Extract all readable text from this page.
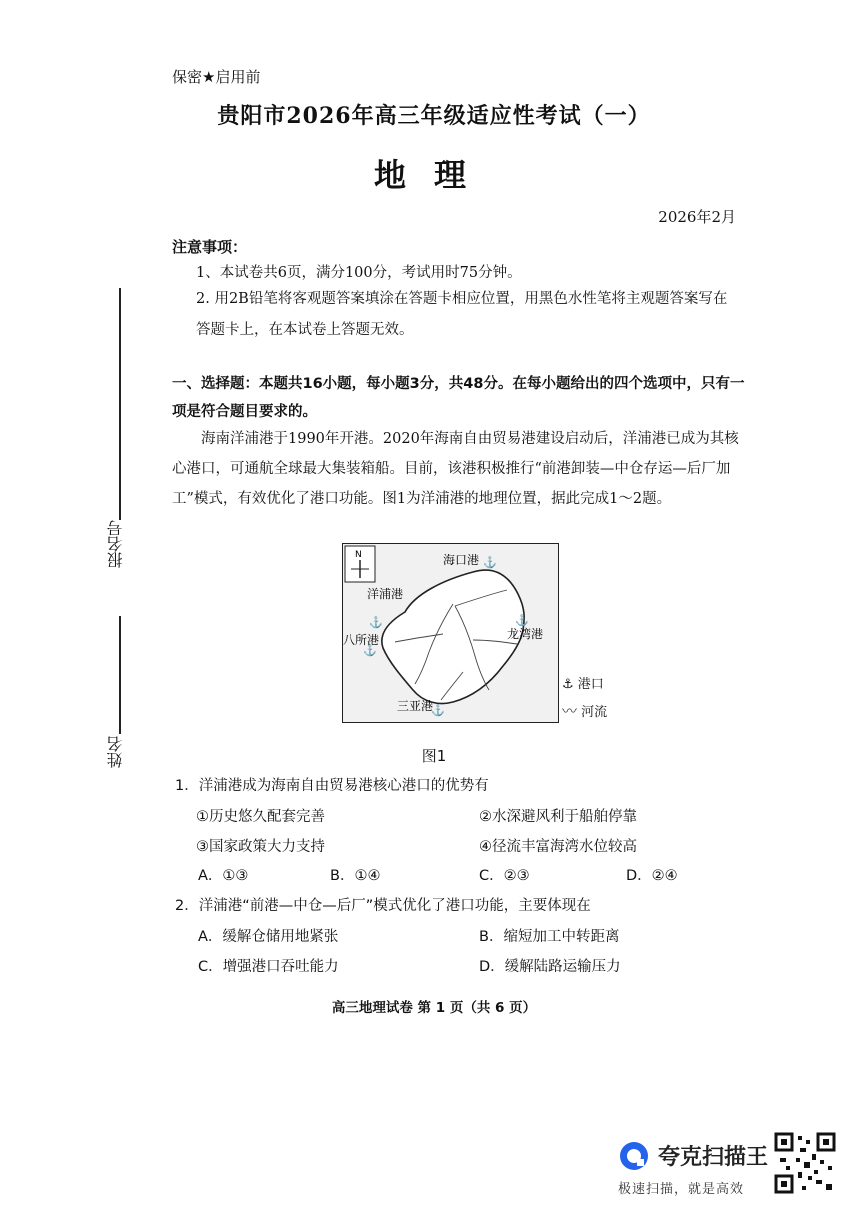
保密★启用前
贵阳市2026年高三年级适应性考试（一）
地理
2026年2月
注意事项：
1、本试卷共6页，满分100分，考试用时75分钟。
2. 用2B铅笔将客观题答案填涂在答题卡相应位置，用黑色水性笔将主观题答案写在答题卡上，在本试卷上答题无效。
报名号
姓名
一、选择题：本题共16小题，每小题3分，共48分。在每小题给出的四个选项中，只有一项是符合题目要求的。
海南洋浦港于1990年开港。2020年海南自由贸易港建设启动后，洋浦港已成为其核心港口，可通航全球最大集装箱船。目前，该港积极推行“前港卸装—中仓存运—后厂加工”模式，有效优化了港口功能。图1为洋浦港的地理位置，据此完成1～2题。
N
⚓
⚓
⚓
⚓
⚓
海口港
洋浦港
八所港	龙湾港
三亚港
⚓ 港口
〰 河流
图1
1．洋浦港成为海南自由贸易港核心港口的优势有
①历史悠久配套完善	②水深避风利于船舶停靠
③国家政策大力支持	④径流丰富海湾水位较高
A．①③	B．①④	C．②③	D．②④
2．洋浦港“前港—中仓—后厂”模式优化了港口功能，主要体现在
A．缓解仓储用地紧张	B．缩短加工中转距离
C．增强港口吞吐能力	D．缓解陆路运输压力
高三地理试卷 第 1 页（共 6 页）
夸克扫描王
极速扫描，就是高效
